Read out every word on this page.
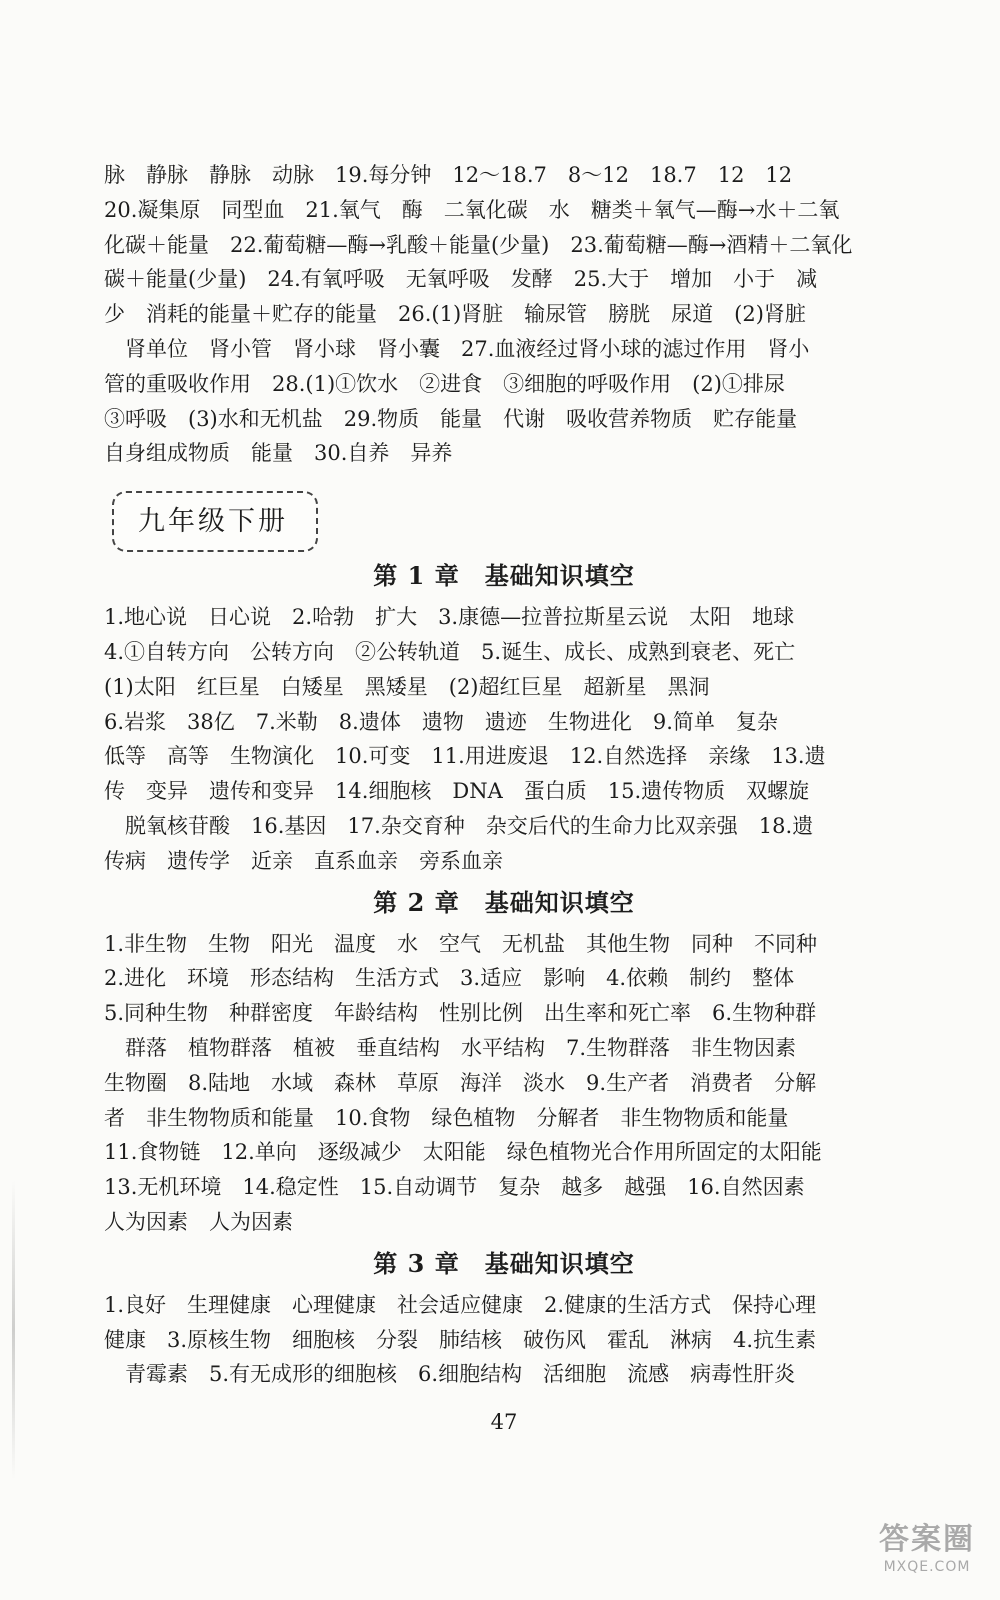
脉　静脉　静脉　动脉　19.每分钟　12～18.7　8～12　18.7　12　12
20.凝集原　同型血　21.氧气　酶　二氧化碳　水　糖类＋氧气—酶→水＋二氧
化碳＋能量　22.葡萄糖—酶→乳酸＋能量(少量)　23.葡萄糖—酶→酒精＋二氧化
碳＋能量(少量)　24.有氧呼吸　无氧呼吸　发酵　25.大于　增加　小于　减
少　消耗的能量＋贮存的能量　26.(1)肾脏　输尿管　膀胱　尿道　(2)肾脏
肾单位　肾小管　肾小球　肾小囊　27.血液经过肾小球的滤过作用　肾小
管的重吸收作用　28.(1)①饮水　②进食　③细胞的呼吸作用　(2)①排尿
③呼吸　(3)水和无机盐　29.物质　能量　代谢　吸收营养物质　贮存能量
自身组成物质　能量　30.自养　异养
九年级下册
第 1 章　基础知识填空
1.地心说　日心说　2.哈勃　扩大　3.康德—拉普拉斯星云说　太阳　地球
4.①自转方向　公转方向　②公转轨道　5.诞生、成长、成熟到衰老、死亡
(1)太阳　红巨星　白矮星　黑矮星　(2)超红巨星　超新星　黑洞
6.岩浆　38亿　7.米勒　8.遗体　遗物　遗迹　生物进化　9.简单　复杂
低等　高等　生物演化　10.可变　11.用进废退　12.自然选择　亲缘　13.遗
传　变异　遗传和变异　14.细胞核　DNA　蛋白质　15.遗传物质　双螺旋
脱氧核苷酸　16.基因　17.杂交育种　杂交后代的生命力比双亲强　18.遗
传病　遗传学　近亲　直系血亲　旁系血亲
第 2 章　基础知识填空
1.非生物　生物　阳光　温度　水　空气　无机盐　其他生物　同种　不同种
2.进化　环境　形态结构　生活方式　3.适应　影响　4.依赖　制约　整体
5.同种生物　种群密度　年龄结构　性别比例　出生率和死亡率　6.生物种群
群落　植物群落　植被　垂直结构　水平结构　7.生物群落　非生物因素
生物圈　8.陆地　水域　森林　草原　海洋　淡水　9.生产者　消费者　分解
者　非生物物质和能量　10.食物　绿色植物　分解者　非生物物质和能量
11.食物链　12.单向　逐级减少　太阳能　绿色植物光合作用所固定的太阳能
13.无机环境　14.稳定性　15.自动调节　复杂　越多　越强　16.自然因素
人为因素　人为因素
第 3 章　基础知识填空
1.良好　生理健康　心理健康　社会适应健康　2.健康的生活方式　保持心理
健康　3.原核生物　细胞核　分裂　肺结核　破伤风　霍乱　淋病　4.抗生素
青霉素　5.有无成形的细胞核　6.细胞结构　活细胞　流感　病毒性肝炎
47
答案圈
MXQE.COM
